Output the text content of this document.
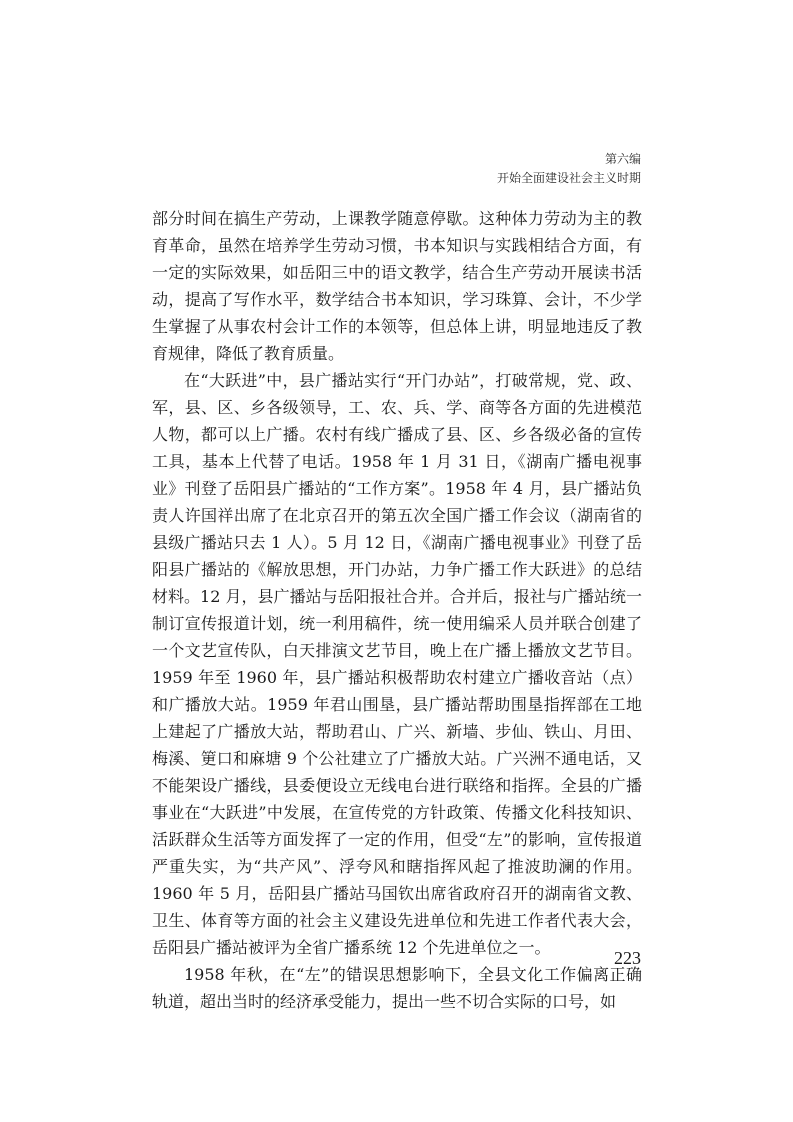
第六编
开始全面建设社会主义时期

部分时间在搞生产劳动，上课教学随意停歇。这种体力劳动为主的教育革命，虽然在培养学生劳动习惯，书本知识与实践相结合方面，有一定的实际效果，如岳阳三中的语文教学，结合生产劳动开展读书活动，提高了写作水平，数学结合书本知识，学习珠算、会计，不少学生掌握了从事农村会计工作的本领等，但总体上讲，明显地违反了教育规律，降低了教育质量。

在“大跃进”中，县广播站实行“开门办站”，打破常规，党、政、军，县、区、乡各级领导，工、农、兵、学、商等各方面的先进模范人物，都可以上广播。农村有线广播成了县、区、乡各级必备的宣传工具，基本上代替了电话。1958 年 1 月 31 日，《湖南广播电视事业》刊登了岳阳县广播站的“工作方案”。1958 年 4 月，县广播站负责人许国祥出席了在北京召开的第五次全国广播工作会议（湖南省的县级广播站只去 1 人）。5 月 12 日，《湖南广播电视事业》刊登了岳阳县广播站的《解放思想，开门办站，力争广播工作大跃进》的总结材料。12 月，县广播站与岳阳报社合并。合并后，报社与广播站统一制订宣传报道计划，统一利用稿件，统一使用编采人员并联合创建了一个文艺宣传队，白天排演文艺节目，晚上在广播上播放文艺节目。1959 年至 1960 年，县广播站积极帮助农村建立广播收音站（点）和广播放大站。1959 年君山围垦，县广播站帮助围垦指挥部在工地上建起了广播放大站，帮助君山、广兴、新墙、步仙、铁山、月田、梅溪、筻口和麻塘 9 个公社建立了广播放大站。广兴洲不通电话，又不能架设广播线，县委便设立无线电台进行联络和指挥。全县的广播事业在“大跃进”中发展，在宣传党的方针政策、传播文化科技知识、活跃群众生活等方面发挥了一定的作用，但受“左”的影响，宣传报道严重失实，为“共产风”、浮夸风和瞎指挥风起了推波助澜的作用。1960 年 5 月，岳阳县广播站马国钦出席省政府召开的湖南省文教、卫生、体育等方面的社会主义建设先进单位和先进工作者代表大会，岳阳县广播站被评为全省广播系统 12 个先进单位之一。

1958 年秋，在“左”的错误思想影响下，全县文化工作偏离正确轨道，超出当时的经济承受能力，提出一些不切合实际的口号，如

223
